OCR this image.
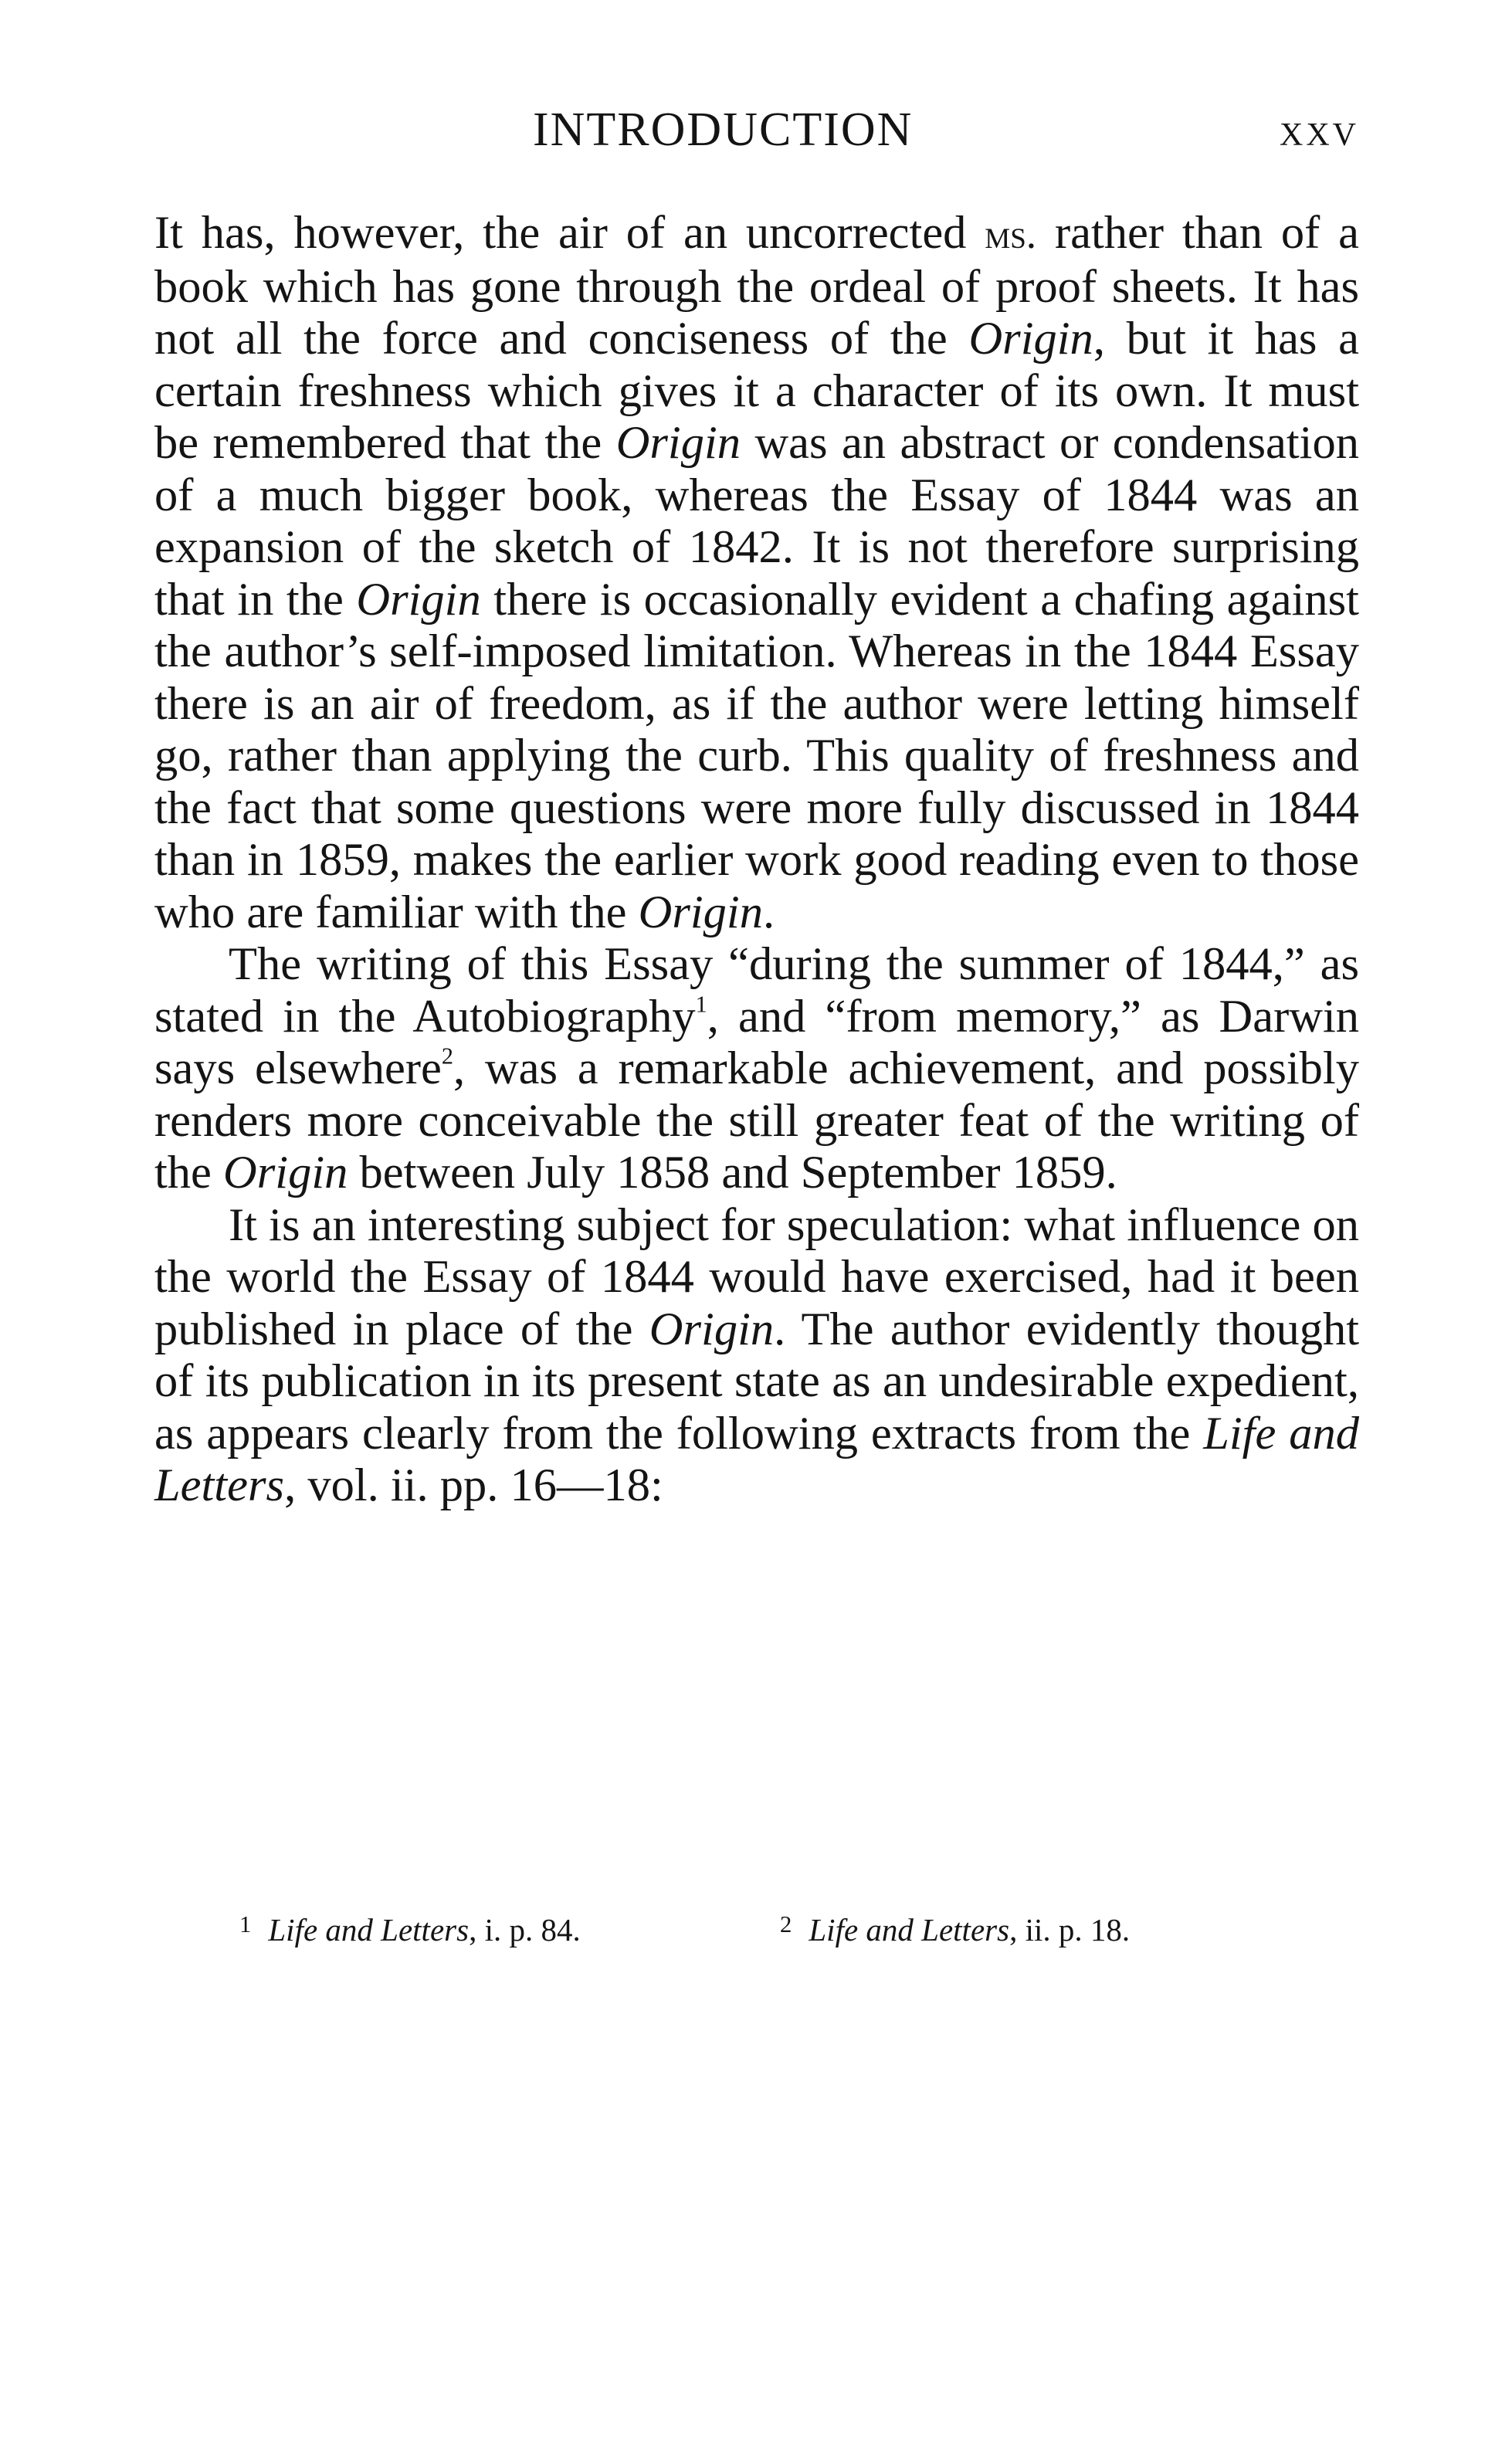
INTRODUCTION	xxv

It has, however, the air of an uncorrected ms. rather than of a book which has gone through the ordeal of proof sheets. It has not all the force and conciseness of the Origin, but it has a certain freshness which gives it a character of its own. It must be remembered that the Origin was an abstract or condensation of a much bigger book, whereas the Essay of 1844 was an expansion of the sketch of 1842. It is not therefore surprising that in the Origin there is occasionally evident a chafing against the author’s self-imposed limitation. Whereas in the 1844 Essay there is an air of freedom, as if the author were letting himself go, rather than applying the curb. This quality of freshness and the fact that some questions were more fully discussed in 1844 than in 1859, makes the earlier work good reading even to those who are familiar with the Origin.

The writing of this Essay “during the summer of 1844,” as stated in the Autobiography$^1$, and “from memory,” as Darwin says elsewhere$^2$, was a remarkable achievement, and possibly renders more conceivable the still greater feat of the writing of the Origin between July 1858 and September 1859.

It is an interesting subject for speculation: what influence on the world the Essay of 1844 would have exercised, had it been published in place of the Origin. The author evidently thought of its publication in its present state as an undesirable expedient, as appears clearly from the following extracts from the Life and Letters, vol. ii. pp. 16—18:

$^1$ Life and Letters, i. p. 84.	$^2$ Life and Letters, ii. p. 18.
